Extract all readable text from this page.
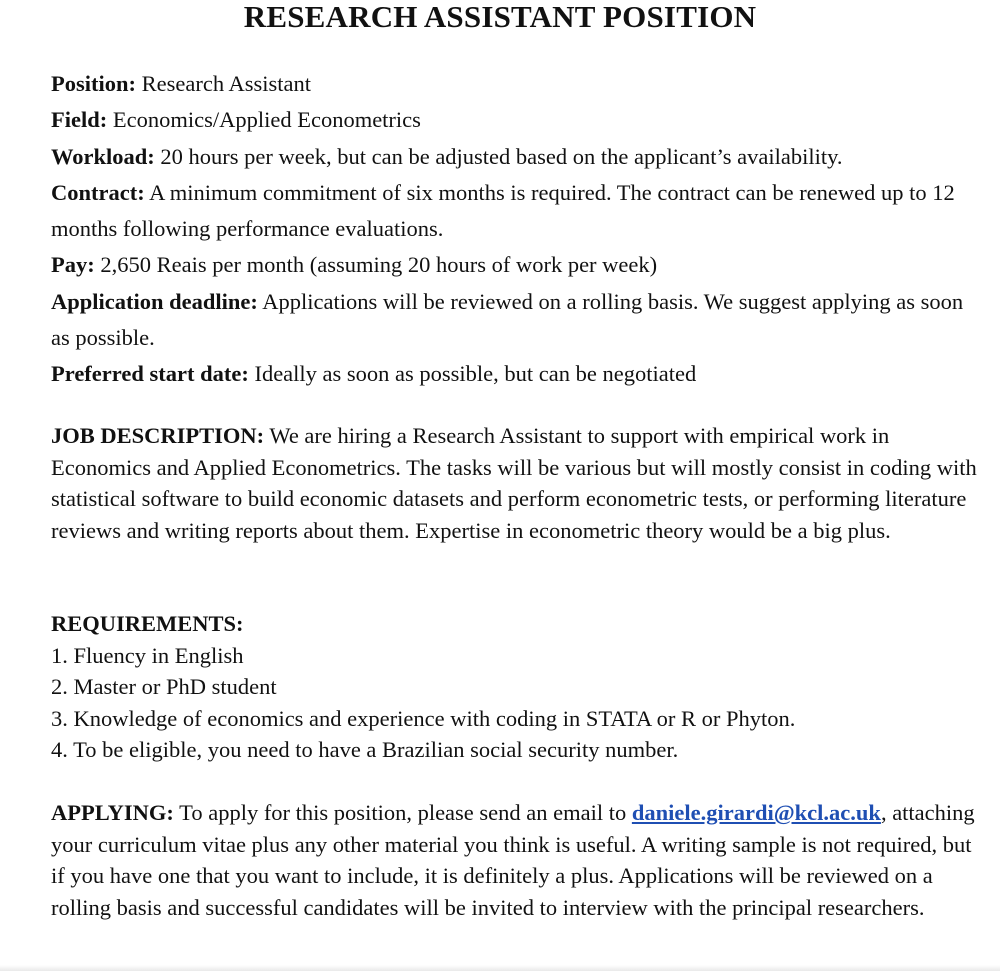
RESEARCH ASSISTANT POSITION

Position: Research Assistant

Field: Economics/Applied Econometrics

Workload: 20 hours per week, but can be adjusted based on the applicant’s availability.

Contract: A minimum commitment of six months is required. The contract can be renewed up to 12 months following performance evaluations.

Pay: 2,650 Reais per month (assuming 20 hours of work per week)

Application deadline: Applications will be reviewed on a rolling basis. We suggest applying as soon as possible.

Preferred start date: Ideally as soon as possible, but can be negotiated

JOB DESCRIPTION: We are hiring a Research Assistant to support with empirical work in Economics and Applied Econometrics. The tasks will be various but will mostly consist in coding with statistical software to build economic datasets and perform econometric tests, or performing literature reviews and writing reports about them. Expertise in econometric theory would be a big plus.

REQUIREMENTS:

1. Fluency in English
2. Master or PhD student
3. Knowledge of economics and experience with coding in STATA or R or Phyton.
4. To be eligible, you need to have a Brazilian social security number.

APPLYING: To apply for this position, please send an email to daniele.girardi@kcl.ac.uk, attaching your curriculum vitae plus any other material you think is useful. A writing sample is not required, but if you have one that you want to include, it is definitely a plus. Applications will be reviewed on a rolling basis and successful candidates will be invited to interview with the principal researchers.
